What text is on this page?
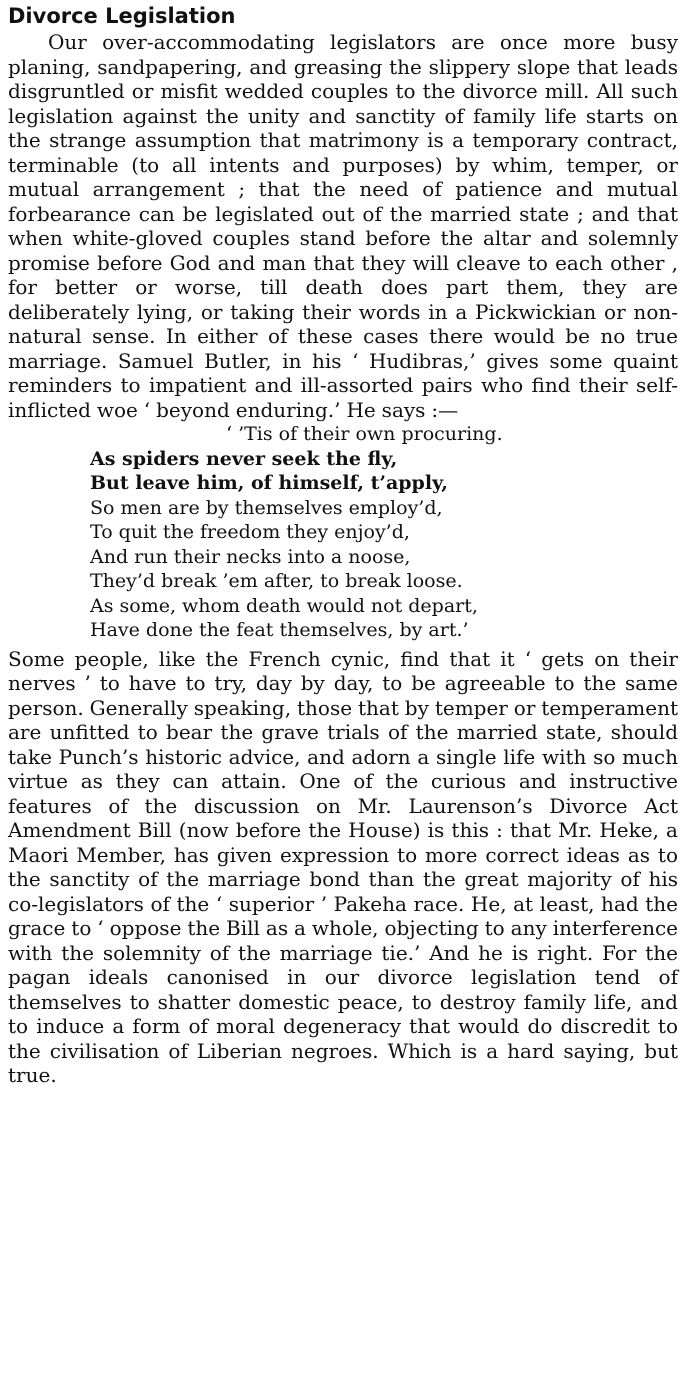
Divorce Legislation

Our over-accommodating legislators are once more busy planing, sandpapering, and greasing the slippery slope that leads disgruntled or misfit wedded couples to the divorce mill. All such legislation against the unity and sanctity of family life starts on the strange assumption that matrimony is a temporary contract, terminable (to all intents and purposes) by whim, temper, or mutual arrangement ; that the need of patience and mutual forbearance can be legislated out of the married state ; and that when white-gloved couples stand before the altar and solemnly promise before God and man that they will cleave to each other , for better or worse, till death does part them, they are deliberately lying, or taking their words in a Pickwickian or non-natural sense. In either of these cases there would be no true marriage. Samuel Butler, in his ‘ Hudibras,’ gives some quaint reminders to impatient and ill-assorted pairs who find their self-inflicted woe ‘ beyond enduring.’ He says :—

‘ ’Tis of their own procuring.
As spiders never seek the fly,
But leave him, of himself, t’apply,
So men are by themselves employ’d,
To quit the freedom they enjoy’d,
And run their necks into a noose,
They’d break ’em after, to break loose.
As some, whom death would not depart,
Have done the feat themselves, by art.’

Some people, like the French cynic, find that it ‘ gets on their nerves ’ to have to try, day by day, to be agreeable to the same person. Generally speaking, those that by temper or temperament are unfitted to bear the grave trials of the married state, should take Punch’s historic advice, and adorn a single life with so much virtue as they can attain. One of the curious and instructive features of the discussion on Mr. Laurenson’s Divorce Act Amendment Bill (now before the House) is this : that Mr. Heke, a Maori Member, has given expression to more correct ideas as to the sanctity of the marriage bond than the great majority of his co-legislators of the ‘ superior ’ Pakeha race. He, at least, had the grace to ‘ oppose the Bill as a whole, objecting to any interference with the solemnity of the marriage tie.’ And he is right. For the pagan ideals canonised in our divorce legislation tend of themselves to shatter domestic peace, to destroy family life, and to induce a form of moral degeneracy that would do discredit to the civilisation of Liberian negroes. Which is a hard saying, but true.
